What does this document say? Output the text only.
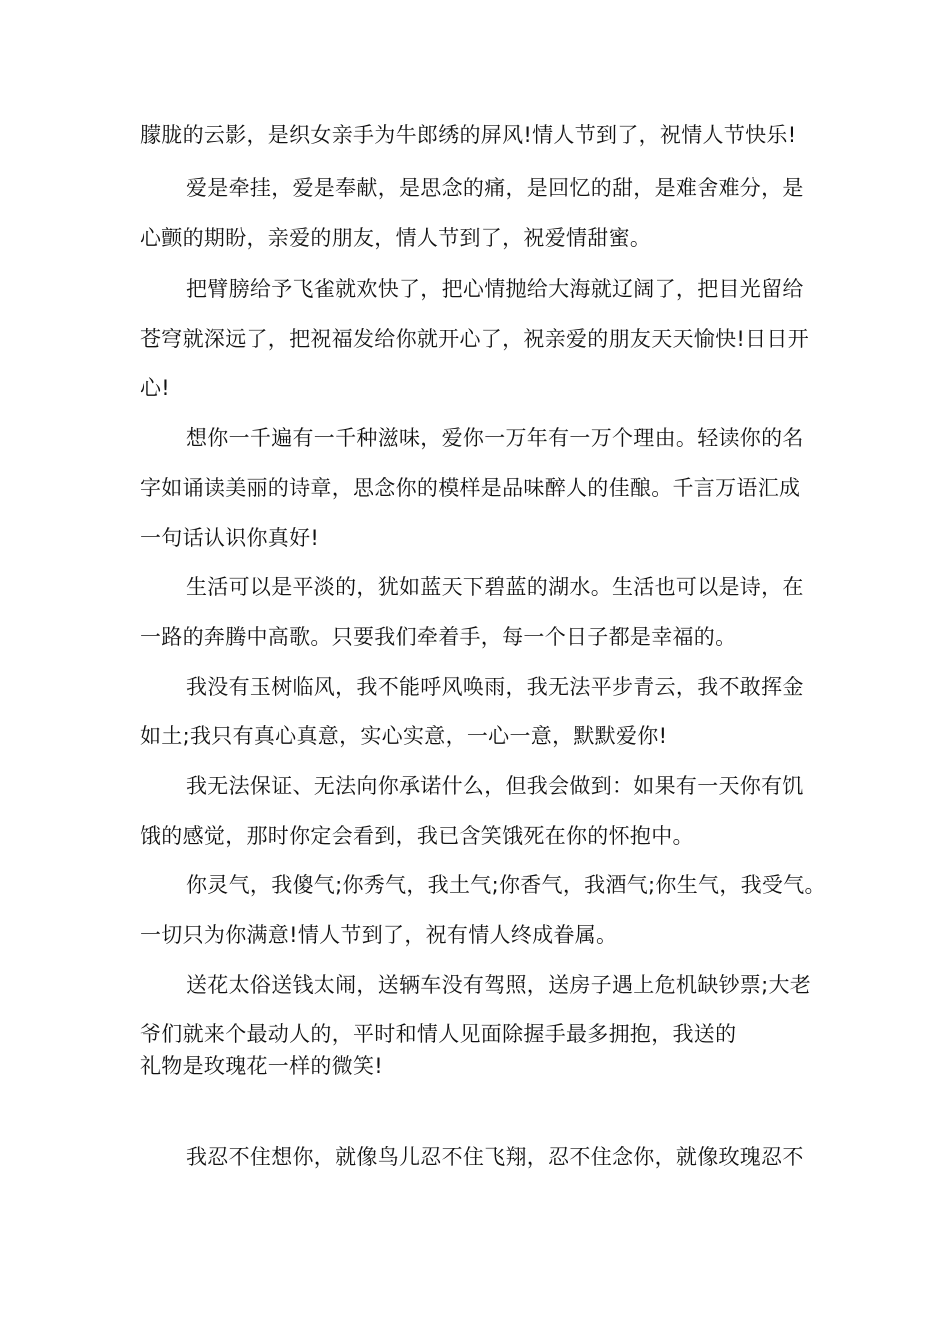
朦胧的云影，是织女亲手为牛郎绣的屏风!情人节到了，祝情人节快乐!
爱是牵挂，爱是奉献，是思念的痛，是回忆的甜，是难舍难分，是
心颤的期盼，亲爱的朋友，情人节到了，祝爱情甜蜜。
把臂膀给予飞雀就欢快了，把心情抛给大海就辽阔了，把目光留给
苍穹就深远了，把祝福发给你就开心了，祝亲爱的朋友天天愉快!日日开
心!
想你一千遍有一千种滋味，爱你一万年有一万个理由。轻读你的名
字如诵读美丽的诗章，思念你的模样是品味醉人的佳酿。千言万语汇成
一句话认识你真好!
生活可以是平淡的，犹如蓝天下碧蓝的湖水。生活也可以是诗，在
一路的奔腾中高歌。只要我们牵着手，每一个日子都是幸福的。
我没有玉树临风，我不能呼风唤雨，我无法平步青云，我不敢挥金
如土;我只有真心真意，实心实意，一心一意，默默爱你!
我无法保证、无法向你承诺什么，但我会做到：如果有一天你有饥
饿的感觉，那时你定会看到，我已含笑饿死在你的怀抱中。
你灵气，我傻气;你秀气，我土气;你香气，我酒气;你生气，我受气。
一切只为你满意!情人节到了，祝有情人终成眷属。
送花太俗送钱太闹，送辆车没有驾照，送房子遇上危机缺钞票;大老
爷们就来个最动人的，平时和情人见面除握手最多拥抱，我送的
礼物是玫瑰花一样的微笑!
我忍不住想你，就像鸟儿忍不住飞翔，忍不住念你，就像玫瑰忍不
